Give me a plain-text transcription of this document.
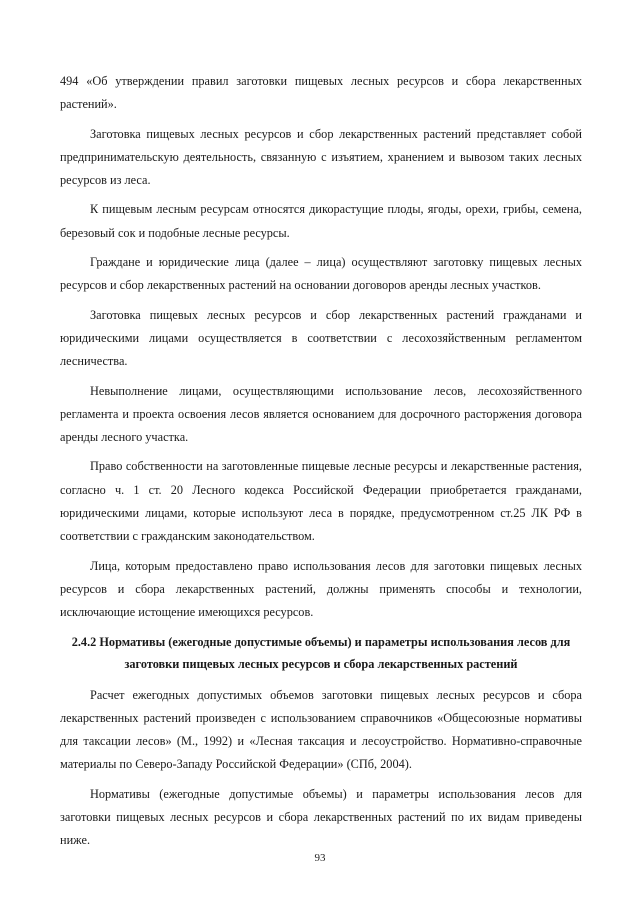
494 «Об утверждении правил заготовки пищевых лесных ресурсов и сбора лекарственных растений».

Заготовка пищевых лесных ресурсов и сбор лекарственных растений представляет собой предпринимательскую деятельность, связанную с изъятием, хранением и вывозом таких лесных ресурсов из леса.

К пищевым лесным ресурсам относятся дикорастущие плоды, ягоды, орехи, грибы, семена, березовый сок и подобные лесные ресурсы.

Граждане и юридические лица (далее – лица) осуществляют заготовку пищевых лесных ресурсов и сбор лекарственных растений на основании договоров аренды лесных участков.

Заготовка пищевых лесных ресурсов и сбор лекарственных растений гражданами и юридическими лицами осуществляется в соответствии с лесохозяйственным регламентом лесничества.

Невыполнение лицами, осуществляющими использование лесов, лесохозяйственного регламента и проекта освоения лесов является основанием для досрочного расторжения договора аренды лесного участка.

Право собственности на заготовленные пищевые лесные ресурсы и лекарственные растения, согласно ч. 1 ст. 20 Лесного кодекса Российской Федерации приобретается гражданами, юридическими лицами, которые используют леса в порядке, предусмотренном ст.25 ЛК РФ в соответствии с гражданским законодательством.

Лица, которым предоставлено право использования лесов для заготовки пищевых лесных ресурсов и сбора лекарственных растений, должны применять способы и технологии, исключающие истощение имеющихся ресурсов.

2.4.2 Нормативы (ежегодные допустимые объемы) и параметры использования лесов для заготовки пищевых лесных ресурсов и сбора лекарственных растений

Расчет ежегодных допустимых объемов заготовки пищевых лесных ресурсов и сбора лекарственных растений произведен с использованием справочников «Общесоюзные нормативы для таксации лесов» (М., 1992) и «Лесная таксация и лесоустройство. Нормативно-справочные материалы по Северо-Западу Российской Федерации» (СПб, 2004).

Нормативы (ежегодные допустимые объемы) и параметры использования лесов для заготовки пищевых лесных ресурсов и сбора лекарственных растений по их видам приведены ниже.

93
